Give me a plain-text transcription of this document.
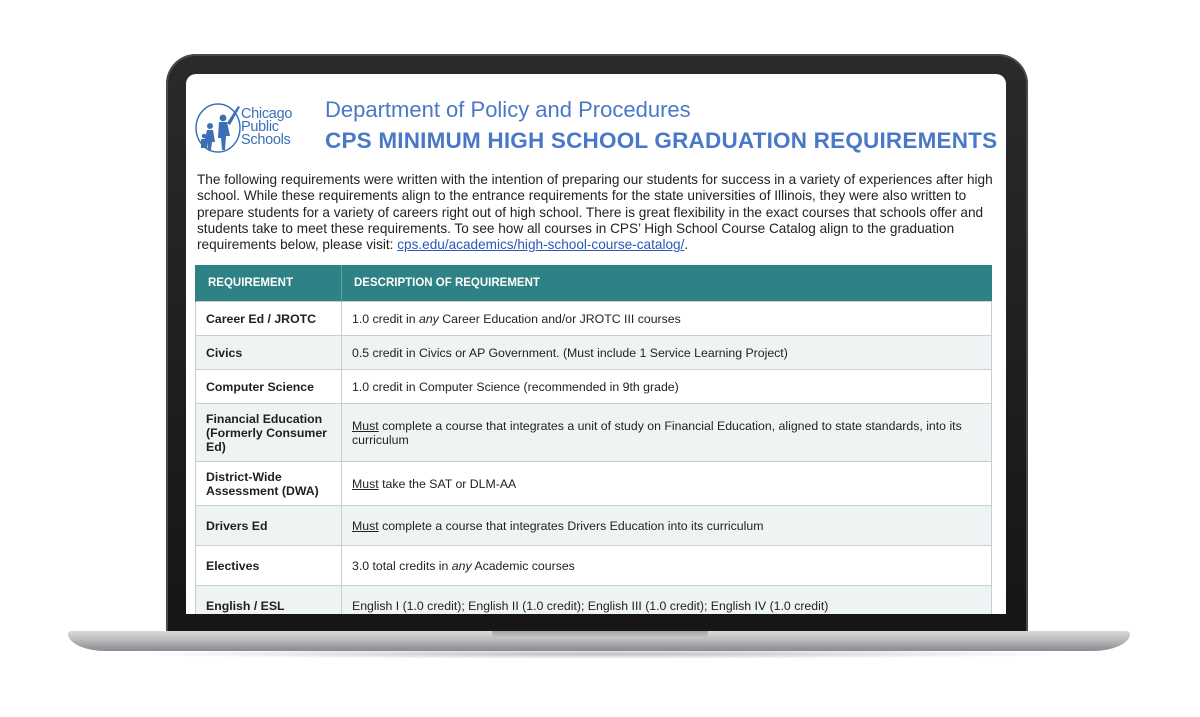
Chicago
Public
Schools
Department of Policy and Procedures
CPS MINIMUM HIGH SCHOOL GRADUATION REQUIREMENTS
The following requirements were written with the intention of preparing our students for success in a variety of experiences after high school. While these requirements align to the entrance requirements for the state universities of Illinois, they were also written to prepare students for a variety of careers right out of high school. There is great flexibility in the exact courses that schools offer and students take to meet these requirements. To see how all courses in CPS’ High School Course Catalog align to the graduation requirements below, please visit: cps.edu/academics/high-school-course-catalog/.
REQUIREMENT	DESCRIPTION OF REQUIREMENT
Career Ed / JROTC	1.0 credit in any Career Education and/or JROTC III courses
Civics	0.5 credit in Civics or AP Government. (Must include 1 Service Learning Project)
Computer Science	1.0 credit in Computer Science (recommended in 9th grade)
Financial Education (Formerly Consumer Ed)	Must complete a course that integrates a unit of study on Financial Education, aligned to state standards, into its curriculum
District-Wide Assessment (DWA)	Must take the SAT or DLM-AA
Drivers Ed	Must complete a course that integrates Drivers Education into its curriculum
Electives	3.0 total credits in any Academic courses
English / ESL	English I (1.0 credit); English II (1.0 credit); English III (1.0 credit); English IV (1.0 credit)
